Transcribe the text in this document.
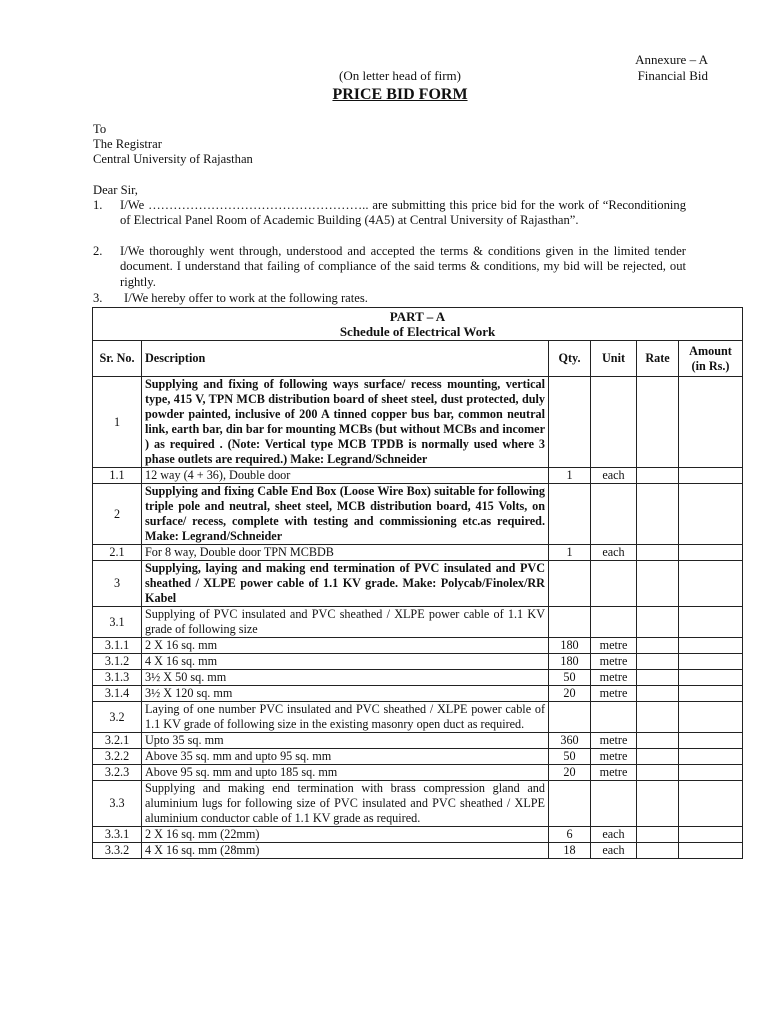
Annexure – A
Financial Bid
(On letter head of firm)
PRICE BID FORM
To
The Registrar
Central University of Rajasthan
Dear Sir,
1. I/We …………………………………………….. are submitting this price bid for the work of “Reconditioning of Electrical Panel Room of Academic Building (4A5) at Central University of Rajasthan”.
2. I/We thoroughly went through, understood and accepted the terms & conditions given in the limited tender document. I understand that failing of compliance of the said terms & conditions, my bid will be rejected, out rightly.
3. I/We hereby offer to work at the following rates.
PART – A
Schedule of Electrical Work					

Sr. No.	Description	Qty.	Unit	Rate	Amount (in Rs.)
1	Supplying and fixing of following ways surface/ recess mounting, vertical type, 415 V, TPN MCB distribution board of sheet steel, dust protected, duly powder painted, inclusive of 200 A tinned copper bus bar, common neutral link, earth bar, din bar for mounting MCBs (but without MCBs and incomer ) as required . (Note: Vertical type MCB TPDB is normally used where 3 phase outlets are required.) Make: Legrand/Schneider				
1.1	12 way (4 + 36), Double door	1	each		
2	Supplying and fixing Cable End Box (Loose Wire Box) suitable for following triple pole and neutral, sheet steel, MCB distribution board, 415 Volts, on surface/ recess, complete with testing and commissioning etc.as required. Make: Legrand/Schneider				
2.1	For 8 way, Double door TPN MCBDB	1	each		
3	Supplying, laying and making end termination of PVC insulated and PVC sheathed / XLPE power cable of 1.1 KV grade. Make: Polycab/Finolex/RR Kabel				
3.1	Supplying of PVC insulated and PVC sheathed / XLPE power cable of 1.1 KV grade of following size				
3.1.1	2 X 16 sq. mm	180	metre		
3.1.2	4 X 16 sq. mm	180	metre		
3.1.3	3½ X 50 sq. mm	50	metre		
3.1.4	3½ X 120 sq. mm	20	metre		
3.2	Laying of one number PVC insulated and PVC sheathed / XLPE power cable of 1.1 KV grade of following size in the existing masonry open duct as required.				
3.2.1	Upto 35 sq. mm	360	metre		
3.2.2	Above 35 sq. mm and upto 95 sq. mm	50	metre		
3.2.3	Above 95 sq. mm and upto 185 sq. mm	20	metre		
3.3	Supplying and making end termination with brass compression gland and aluminium lugs for following size of PVC insulated and PVC sheathed / XLPE aluminium conductor cable of 1.1 KV grade as required.				
3.3.1	2 X 16 sq. mm (22mm)	6	each		
3.3.2	4 X 16 sq. mm (28mm)	18	each		
